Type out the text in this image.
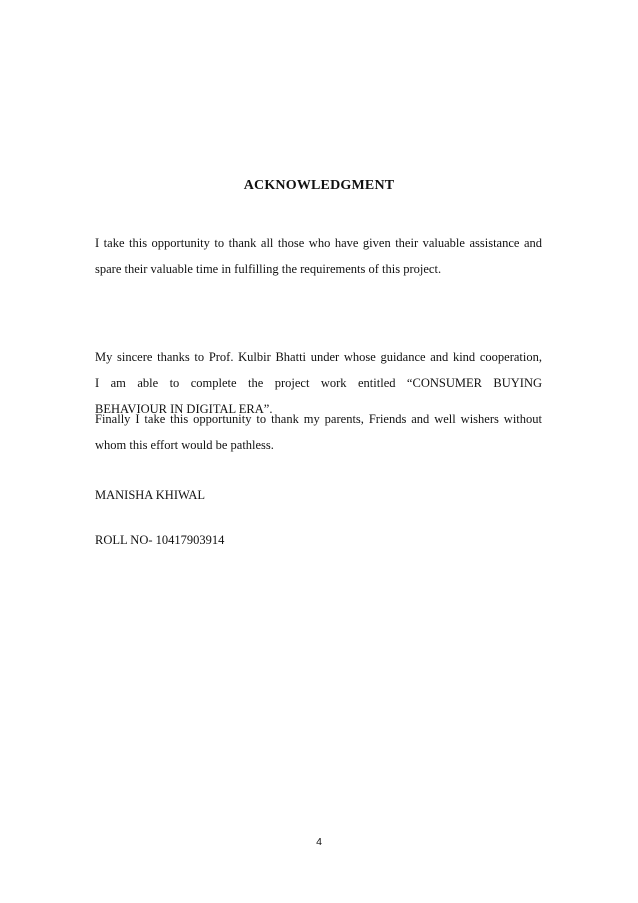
ACKNOWLEDGMENT
I take this opportunity to thank all those who have given their valuable assistance and
spare their valuable time in fulfilling the requirements of this project.
My sincere thanks to Prof. Kulbir Bhatti under whose guidance and kind cooperation,
I am able to complete the project work entitled “CONSUMER BUYING
BEHAVIOUR IN DIGITAL ERA”.
Finally I take this opportunity to thank my parents, Friends and well wishers without
whom this effort would be pathless.
MANISHA KHIWAL
ROLL NO- 10417903914
4
